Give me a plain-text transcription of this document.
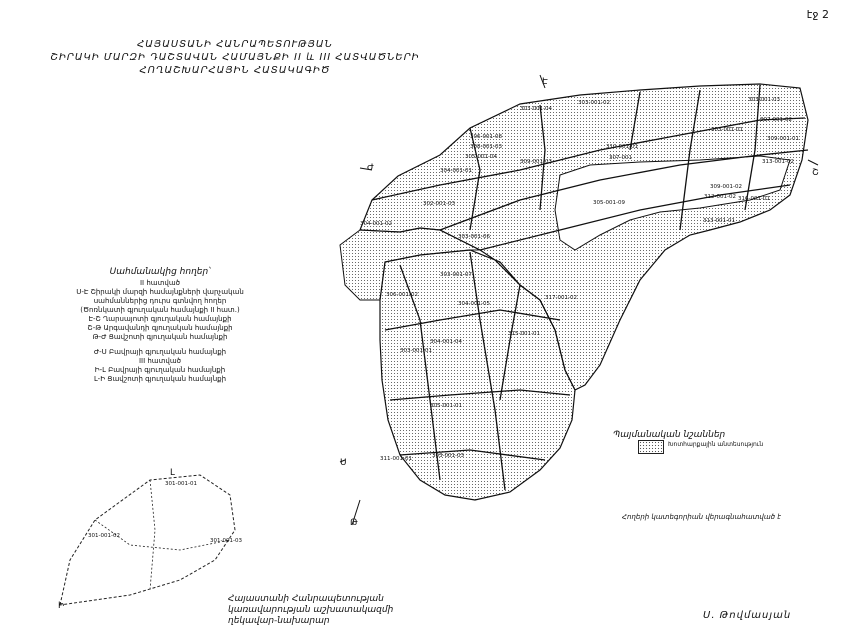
էջ 2
ՀԱՅԱՍՏԱՆԻ ՀԱՆՐԱՊԵՏՈՒԹՅԱՆ
ՇԻՐԱԿԻ ՄԱՐԶԻ ԴԱՇՏԱՎԱՆ ՀԱՄԱՅՆՔԻ II և III ՀԱՏՎԱԾՆԵՐԻ
ՀՈՂԱՇԽԱՐՀԱՅԻՆ ՀԱՏԱԿԱԳԻԾ
Է
Շ
Ժ
Ս
Թ
Ի
Լ
303-001-04
303-001-02	303-001-03
306-001-08
308-001-03
305-001-04
307-001-02
303-001-01
309-001-01
309-001-03
307-001
310-001-01
313-001-02
309-001-02
304-001-01
304-001-02
302-001-03	305-001-09
303-001-06
303-001-07
304-001-05
303-001-01
312-001-02
313-001-01
316-001-01
317-001-02
315-001-01
306-001-02
305-001-01
311-001-01	303-001-03
304-001-04
301-001-01
301-001-02
301-001-03
Սահմանակից հողեր՝
II հատված
Ս-Է Շիրակի մարզի համայնքների վարչական
սահմաններից դուրս գտնվող հողեր
(Ծոռնկատի գյուղական համայնքի II հատ.)
Է-Շ Ղարսայոտի գյուղական համայնքի
Շ-Թ Արգավանդի գյուղական համայնքի
Թ-Ժ Ցավշոտի գյուղական համայնքի
Ժ-Ս Բավրայի գյուղական համայնքի
III հատված
Ի-Լ Բավրայի գյուղական համայնքի
Լ-Ի Ցավշոտի գյուղական համայնքի
Պայմանական նշաններ
Խոտհարքային անտեսություն
Հողերի կատեգորիան վերագնահատված է
Հայաստանի Հանրապետության
կառավարության աշխատակազմի
ղեկավար-նախարար	Ս. Թովմասյան
